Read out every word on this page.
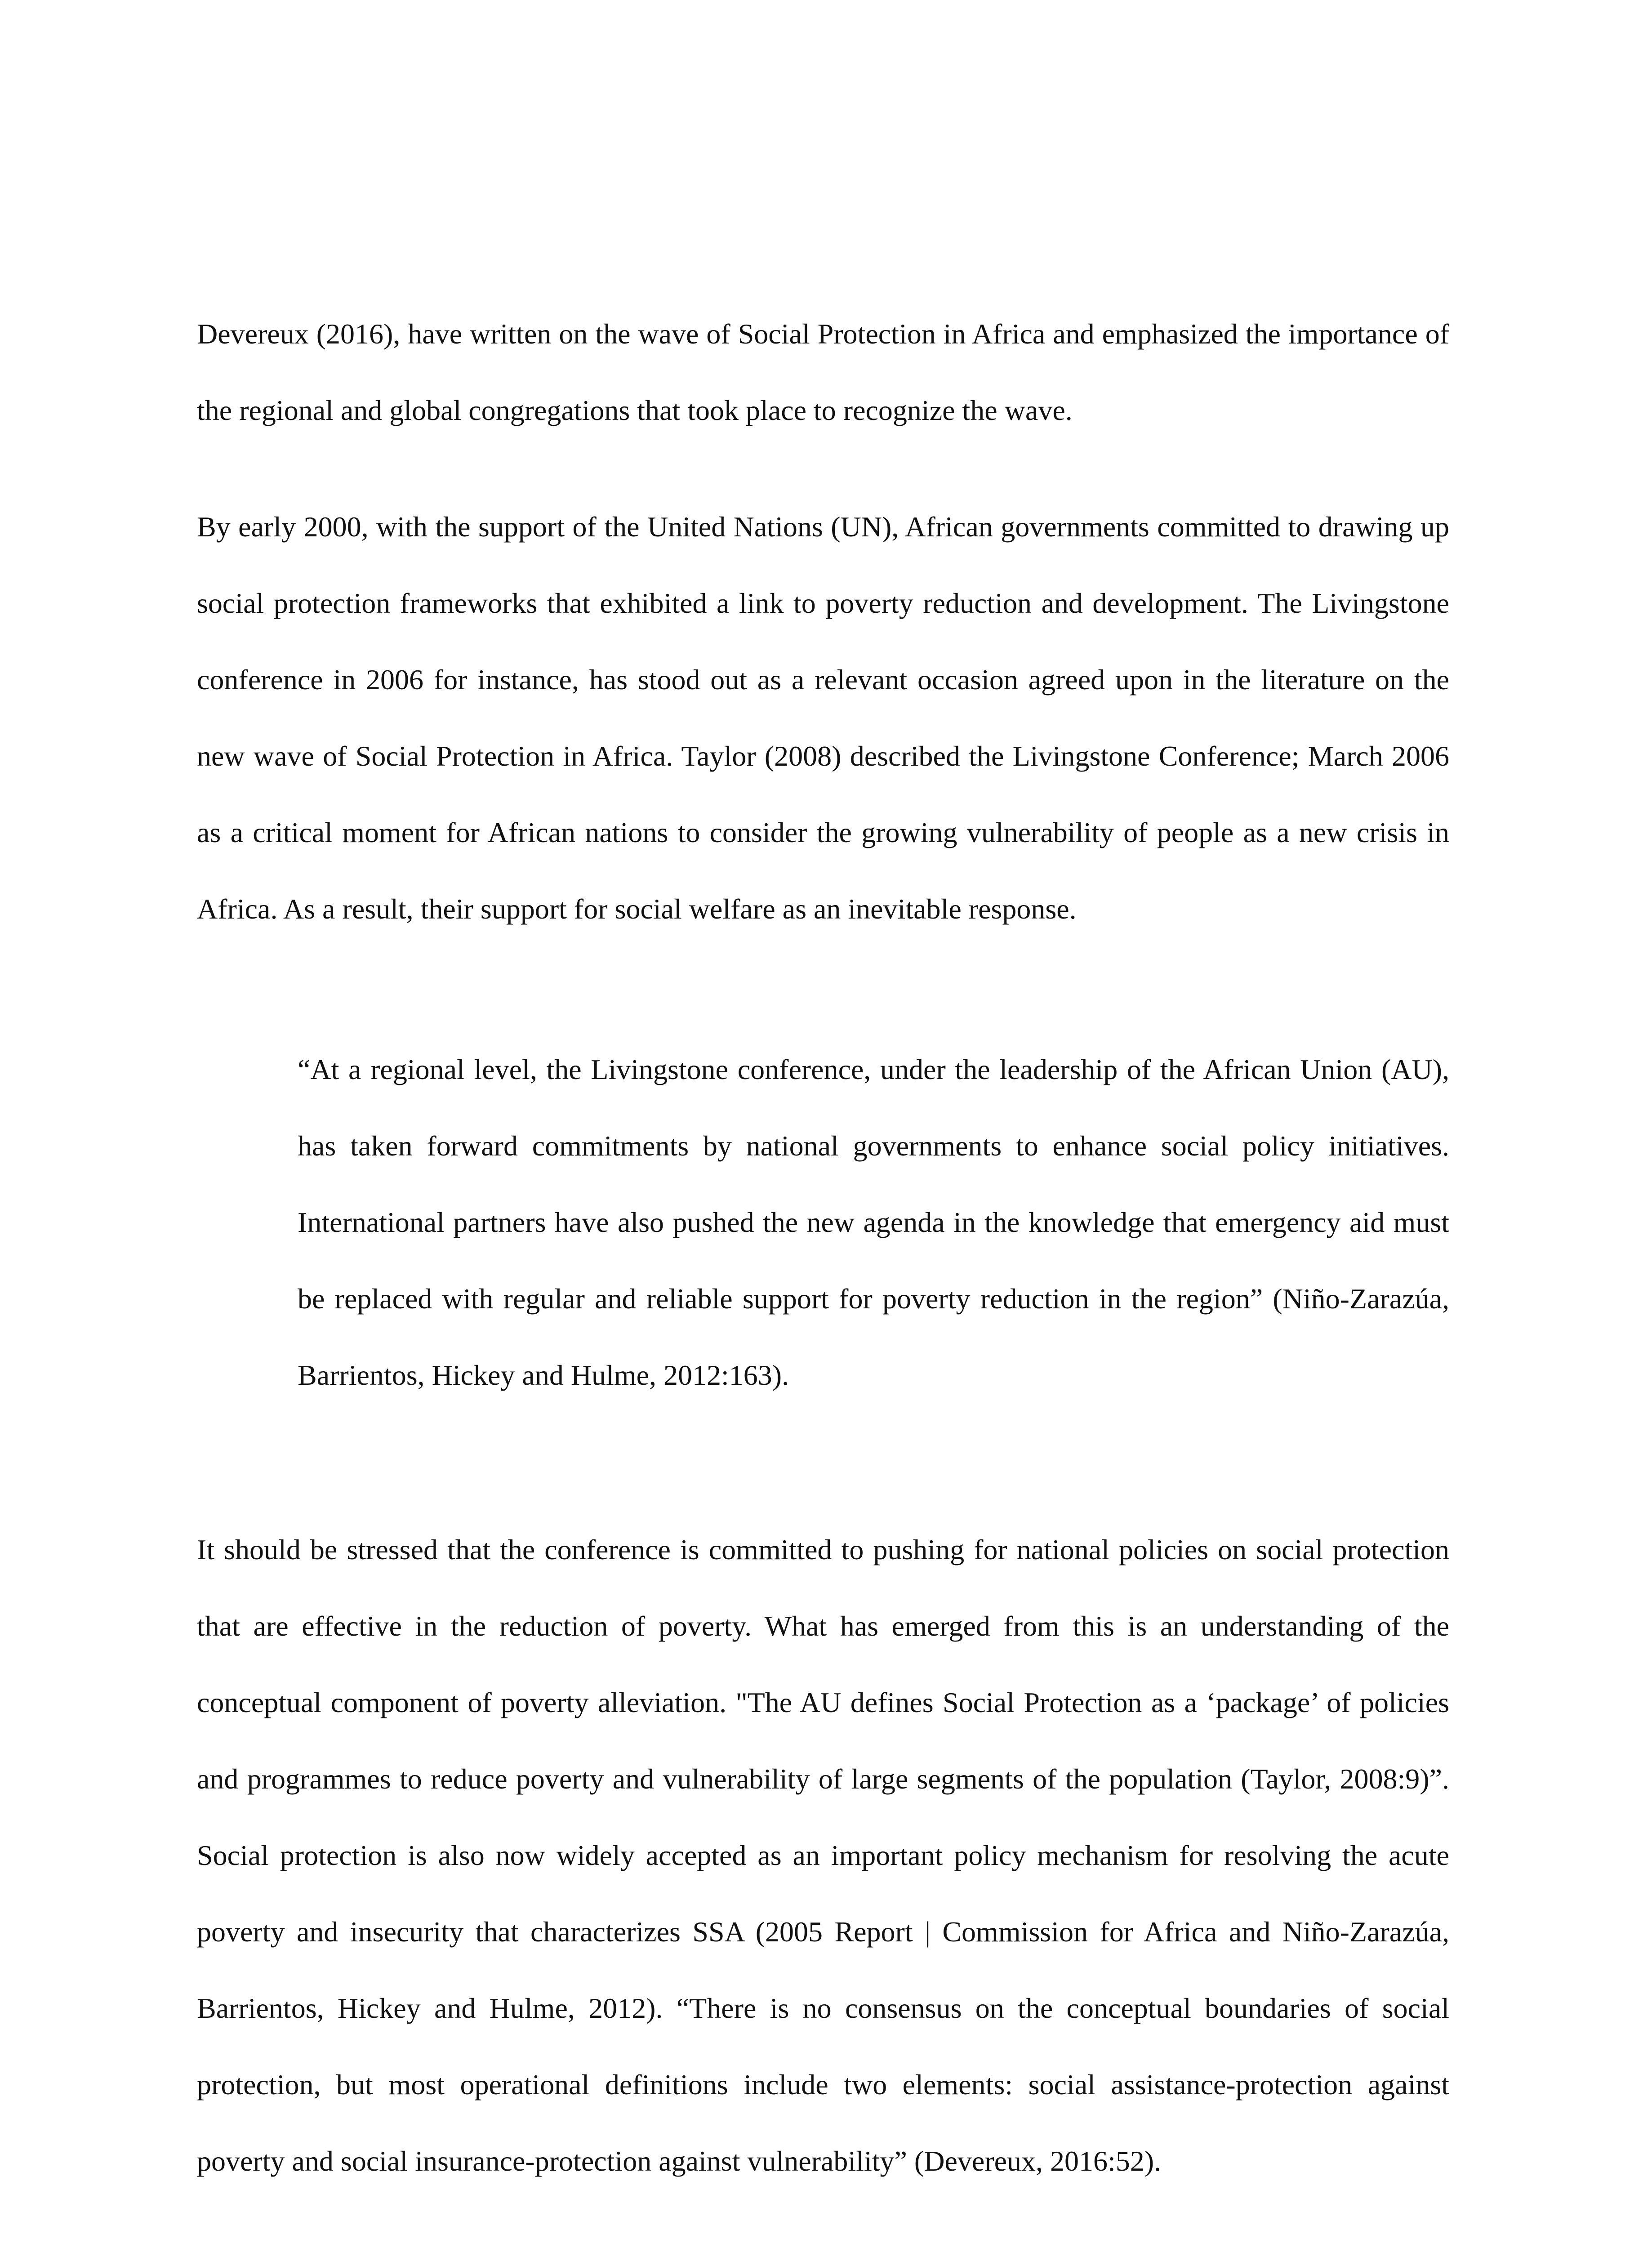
Devereux (2016), have written on the wave of Social Protection in Africa and emphasized the importance of the regional and global congregations that took place to recognize the wave.

By early 2000, with the support of the United Nations (UN), African governments committed to drawing up social protection frameworks that exhibited a link to poverty reduction and development. The Livingstone conference in 2006 for instance, has stood out as a relevant occasion agreed upon in the literature on the new wave of Social Protection in Africa. Taylor (2008) described the Livingstone Conference; March 2006 as a critical moment for African nations to consider the growing vulnerability of people as a new crisis in Africa. As a result, their support for social welfare as an inevitable response.

“At a regional level, the Livingstone conference, under the leadership of the African Union (AU), has taken forward commitments by national governments to enhance social policy initiatives. International partners have also pushed the new agenda in the knowledge that emergency aid must be replaced with regular and reliable support for poverty reduction in the region” (Niño-Zarazúa, Barrientos, Hickey and Hulme, 2012:163).

It should be stressed that the conference is committed to pushing for national policies on social protection that are effective in the reduction of poverty. What has emerged from this is an understanding of the conceptual component of poverty alleviation. "The AU defines Social Protection as a ‘package’ of policies and programmes to reduce poverty and vulnerability of large segments of the population (Taylor, 2008:9)”. Social protection is also now widely accepted as an important policy mechanism for resolving the acute poverty and insecurity that characterizes SSA (2005 Report | Commission for Africa and Niño-Zarazúa, Barrientos, Hickey and Hulme, 2012). “There is no consensus on the conceptual boundaries of social protection, but most operational definitions include two elements: social assistance-protection against poverty and social insurance-protection against vulnerability” (Devereux, 2016:52).
